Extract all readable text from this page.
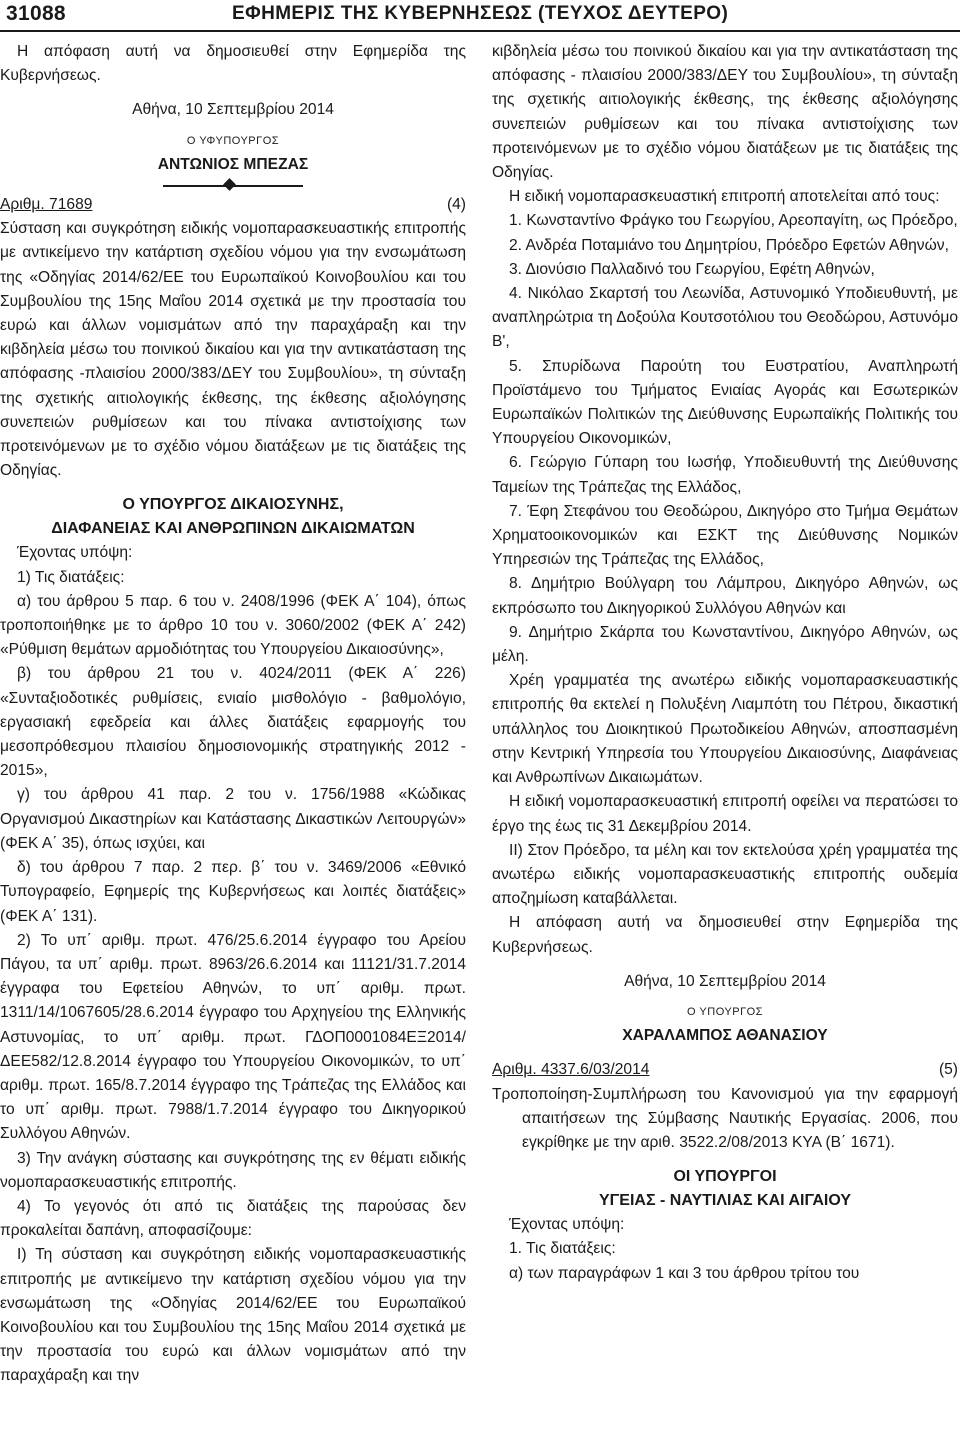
31088	ΕΦΗΜΕΡΙΣ ΤΗΣ ΚΥΒΕΡΝΗΣΕΩΣ (ΤΕΥΧΟΣ ΔΕΥΤΕΡΟ)

Η απόφαση αυτή να δημοσιευθεί στην Εφημερίδα της Κυβερνήσεως.

Αθήνα, 10 Σεπτεμβρίου 2014

Ο ΥΦΥΠΟΥΡΓΟΣ

ΑΝΤΩΝΙΟΣ ΜΠΕΖΑΣ

Αριθμ. 71689	(4)

Σύσταση και συγκρότηση ειδικής νομοπαρασκευαστικής επιτροπής με αντικείμενο την κατάρτιση σχεδίου νόμου για την ενσωμάτωση της «Οδηγίας 2014/62/ΕΕ του Ευρωπαϊκού Κοινοβουλίου και του Συμβουλίου της 15ης Μαΐου 2014 σχετικά με την προστασία του ευρώ και άλλων νομισμάτων από την παραχάραξη και την κιβδηλεία μέσω του ποινικού δικαίου και για την αντικατάσταση της απόφασης -πλαισίου 2000/383/ΔΕΥ του Συμβουλίου», τη σύνταξη της σχετικής αιτιολογικής έκθεσης, της έκθεσης αξιολόγησης συνεπειών ρυθμίσεων και του πίνακα αντιστοίχισης των προτεινόμενων με το σχέδιο νόμου διατάξεων με τις διατάξεις της Οδηγίας.

Ο ΥΠΟΥΡΓΟΣ ΔΙΚΑΙΟΣΥΝΗΣ,

ΔΙΑΦΑΝΕΙΑΣ ΚΑΙ ΑΝΘΡΩΠΙΝΩΝ ΔΙΚΑΙΩΜΑΤΩΝ

Έχοντας υπόψη:

1) Τις διατάξεις:

α) του άρθρου 5 παρ. 6 του ν. 2408/1996 (ΦΕΚ Α΄ 104), όπως τροποποιήθηκε με το άρθρο 10 του ν. 3060/2002 (ΦΕΚ Α΄ 242) «Ρύθμιση θεμάτων αρμοδιότητας του Υπουργείου Δικαιοσύνης»,

β) του άρθρου 21 του ν. 4024/2011 (ΦΕΚ Α΄ 226) «Συνταξιοδοτικές ρυθμίσεις, ενιαίο μισθολόγιο - βαθμολόγιο, εργασιακή εφεδρεία και άλλες διατάξεις εφαρμογής του μεσοπρόθεσμου πλαισίου δημοσιονομικής στρατηγικής 2012 - 2015»,

γ) του άρθρου 41 παρ. 2 του ν. 1756/1988 «Κώδικας Οργανισμού Δικαστηρίων και Κατάστασης Δικαστικών Λειτουργών» (ΦΕΚ Α΄ 35), όπως ισχύει, και

δ) του άρθρου 7 παρ. 2 περ. β΄ του ν. 3469/2006 «Εθνικό Τυπογραφείο, Εφημερίς της Κυβερνήσεως και λοιπές διατάξεις» (ΦΕΚ Α΄ 131).

2) Το υπ΄ αριθμ. πρωτ. 476/25.6.2014 έγγραφο του Αρείου Πάγου, τα υπ΄ αριθμ. πρωτ. 8963/26.6.2014 και 11121/31.7.2014 έγγραφα του Εφετείου Αθηνών, το υπ΄ αριθμ. πρωτ. 1311/14/1067605/28.6.2014 έγγραφο του Αρχηγείου της Ελληνικής Αστυνομίας, το υπ΄ αριθμ. πρωτ. ΓΔΟΠ0001084ΕΞ2014/ΔΕΕ582/12.8.2014 έγγραφο του Υπουργείου Οικονομικών, το υπ΄ αριθμ. πρωτ. 165/8.7.2014 έγγραφο της Τράπεζας της Ελλάδος και το υπ΄ αριθμ. πρωτ. 7988/1.7.2014 έγγραφο του Δικηγορικού Συλλόγου Αθηνών.

3) Την ανάγκη σύστασης και συγκρότησης της εν θέματι ειδικής νομοπαρασκευαστικής επιτροπής.

4) Το γεγονός ότι από τις διατάξεις της παρούσας δεν προκαλείται δαπάνη, αποφασίζουμε:

Ι) Τη σύσταση και συγκρότηση ειδικής νομοπαρασκευαστικής επιτροπής με αντικείμενο την κατάρτιση σχεδίου νόμου για την ενσωμάτωση της «Οδηγίας 2014/62/ΕΕ του Ευρωπαϊκού Κοινοβουλίου και του Συμβουλίου της 15ης Μαΐου 2014 σχετικά με την προστασία του ευρώ και άλλων νομισμάτων από την παραχάραξη και την

κιβδηλεία μέσω του ποινικού δικαίου και για την αντικατάσταση της απόφασης - πλαισίου 2000/383/ΔΕΥ του Συμβουλίου», τη σύνταξη της σχετικής αιτιολογικής έκθεσης, της έκθεσης αξιολόγησης συνεπειών ρυθμίσεων και του πίνακα αντιστοίχισης των προτεινόμενων με το σχέδιο νόμου διατάξεων με τις διατάξεις της Οδηγίας.

Η ειδική νομοπαρασκευαστική επιτροπή αποτελείται από τους:

1. Κωνσταντίνο Φράγκο του Γεωργίου, Αρεοπαγίτη, ως Πρόεδρο,

2. Ανδρέα Ποταμιάνο του Δημητρίου, Πρόεδρο Εφετών Αθηνών,

3. Διονύσιο Παλλαδινό του Γεωργίου, Εφέτη Αθηνών,

4. Νικόλαο Σκαρτσή του Λεωνίδα, Αστυνομικό Υποδιευθυντή, με αναπληρώτρια τη Δοξούλα Κουτσοτόλιου του Θεοδώρου, Αστυνόμο Β',

5. Σπυρίδωνα Παρούτη του Ευστρατίου, Αναπληρωτή Προϊστάμενο του Τμήματος Ενιαίας Αγοράς και Εσωτερικών Ευρωπαϊκών Πολιτικών της Διεύθυνσης Ευρωπαϊκής Πολιτικής του Υπουργείου Οικονομικών,

6. Γεώργιο Γύπαρη του Ιωσήφ, Υποδιευθυντή της Διεύθυνσης Ταμείων της Τράπεζας της Ελλάδος,

7. Έφη Στεφάνου του Θεοδώρου, Δικηγόρο στο Τμήμα Θεμάτων Χρηματοοικονομικών και ΕΣΚΤ της Διεύθυνσης Νομικών Υπηρεσιών της Τράπεζας της Ελλάδος,

8. Δημήτριο Βούλγαρη του Λάμπρου, Δικηγόρο Αθηνών, ως εκπρόσωπο του Δικηγορικού Συλλόγου Αθηνών και

9. Δημήτριο Σκάρπα του Κωνσταντίνου, Δικηγόρο Αθηνών, ως μέλη.

Χρέη γραμματέα της ανωτέρω ειδικής νομοπαρασκευαστικής επιτροπής θα εκτελεί η Πολυξένη Λιαμπότη του Πέτρου, δικαστική υπάλληλος του Διοικητικού Πρωτοδικείου Αθηνών, αποσπασμένη στην Κεντρική Υπηρεσία του Υπουργείου Δικαιοσύνης, Διαφάνειας και Ανθρωπίνων Δικαιωμάτων.

Η ειδική νομοπαρασκευαστική επιτροπή οφείλει να περατώσει το έργο της έως τις 31 Δεκεμβρίου 2014.

ΙΙ) Στον Πρόεδρο, τα μέλη και τον εκτελούσα χρέη γραμματέα της ανωτέρω ειδικής νομοπαρασκευαστικής επιτροπής ουδεμία αποζημίωση καταβάλλεται.

Η απόφαση αυτή να δημοσιευθεί στην Εφημερίδα της Κυβερνήσεως.

Αθήνα, 10 Σεπτεμβρίου 2014

Ο ΥΠΟΥΡΓΟΣ

ΧΑΡΑΛΑΜΠΟΣ ΑΘΑΝΑΣΙΟΥ

Αριθμ. 4337.6/03/2014	(5)

Τροποποίηση-Συμπλήρωση του Κανονισμού για την εφαρμογή απαιτήσεων της Σύμβασης Ναυτικής Εργασίας. 2006, που εγκρίθηκε με την αριθ. 3522.2/08/2013 ΚΥΑ (Β΄ 1671).

ΟΙ ΥΠΟΥΡΓΟΙ

ΥΓΕΙΑΣ - ΝΑΥΤΙΛΙΑΣ ΚΑΙ ΑΙΓΑΙΟΥ

Έχοντας υπόψη:

1. Τις διατάξεις:

α) των παραγράφων 1 και 3 του άρθρου τρίτου του
